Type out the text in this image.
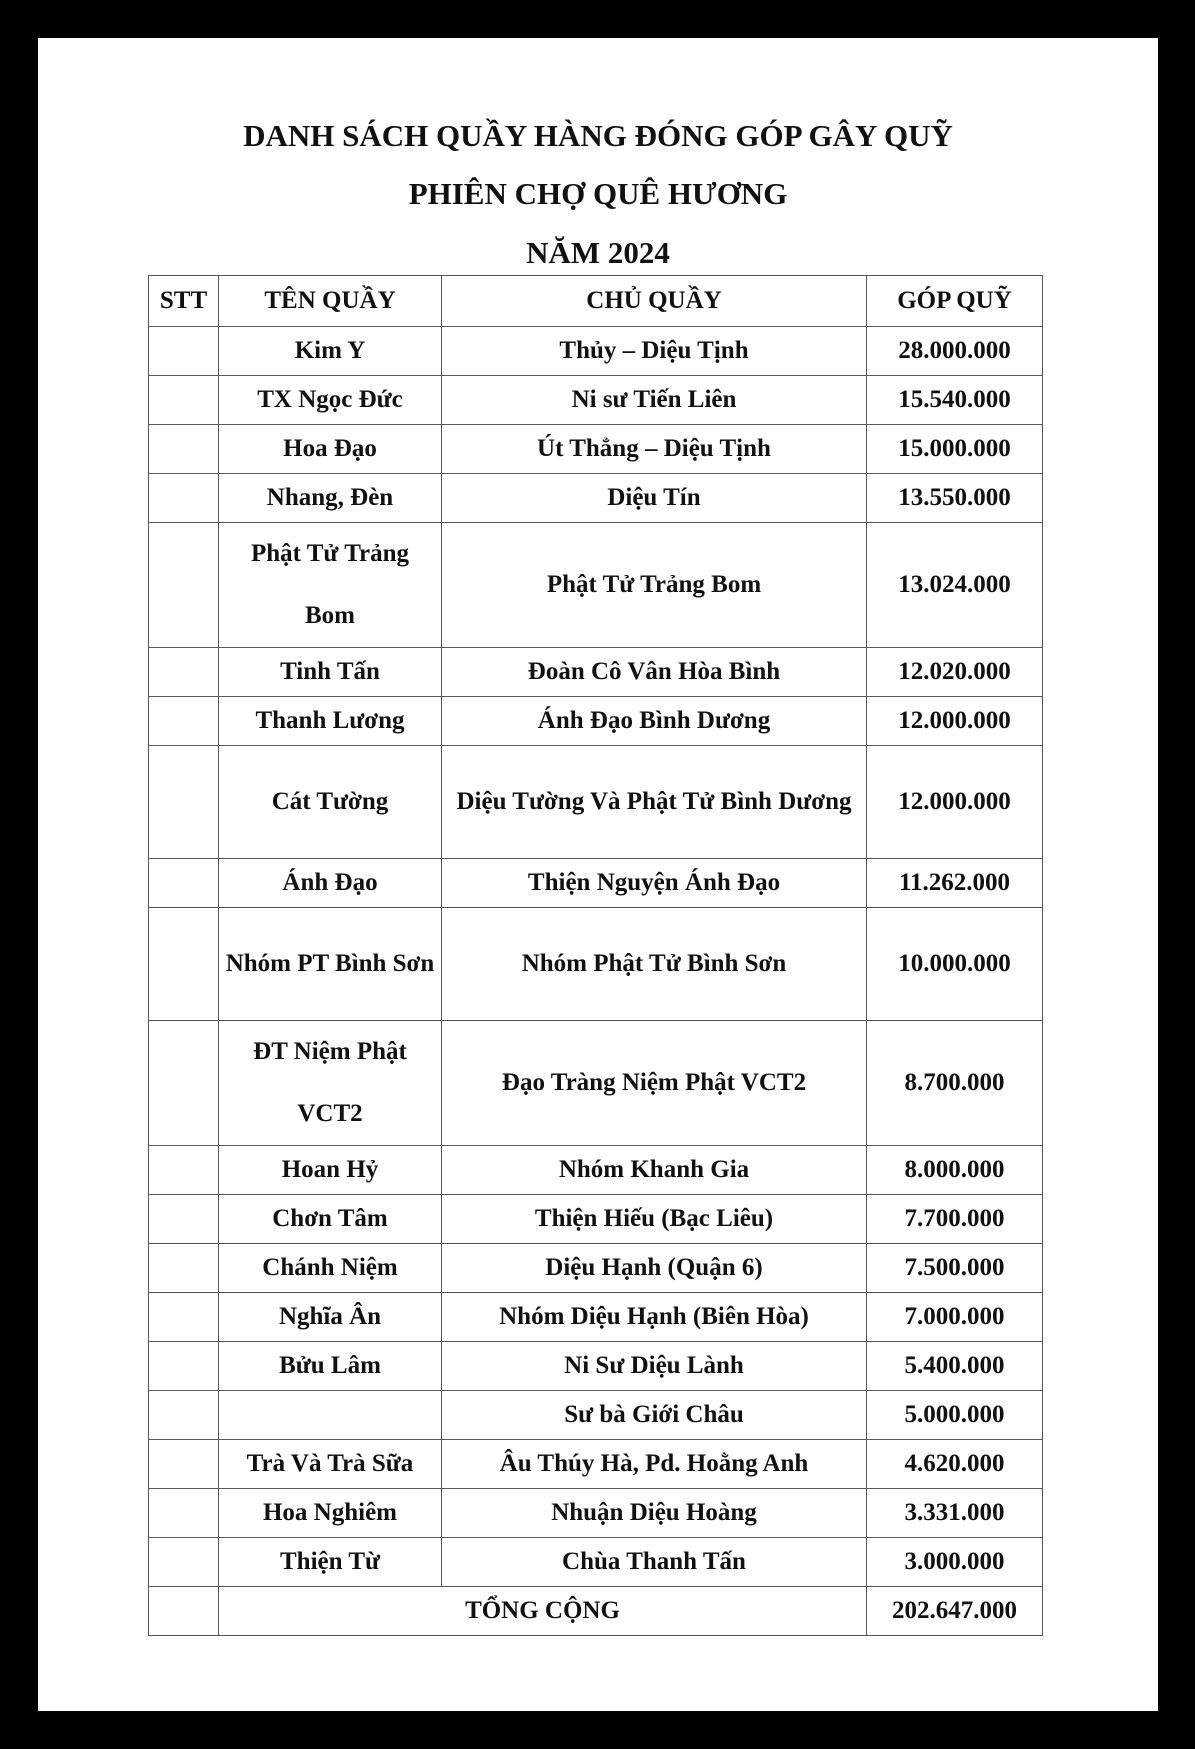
DANH SÁCH QUẦY HÀNG ĐÓNG GÓP GÂY QUỸ
PHIÊN CHỢ QUÊ HƯƠNG
NĂM 2024
STT	TÊN QUẦY	CHỦ QUẦY	GÓP QUỸ
	Kim Y	Thủy – Diệu Tịnh	28.000.000
	TX Ngọc Đức	Ni sư Tiến Liên	15.540.000
	Hoa Đạo	Út Thẳng – Diệu Tịnh	15.000.000
	Nhang, Đèn	Diệu Tín	13.550.000

	Phật Tử Trảng Bom	Phật Tử Trảng Bom	13.024.000
	Tinh Tấn	Đoàn Cô Vân Hòa Bình	12.020.000
	Thanh Lương	Ánh Đạo Bình Dương	12.000.000
	Cát Tường	Diệu Tường Và Phật Tử Bình Dương	12.000.000
	Ánh Đạo	Thiện Nguyện Ánh Đạo	11.262.000

	Nhóm PT Bình Sơn	Nhóm Phật Tử Bình Sơn	10.000.000

	ĐT Niệm Phật VCT2	Đạo Tràng Niệm Phật VCT2	8.700.000
	Hoan Hỷ	Nhóm Khanh Gia	8.000.000
	Chơn Tâm	Thiện Hiếu (Bạc Liêu)	7.700.000
	Chánh Niệm	Diệu Hạnh (Quận 6)	7.500.000
	Nghĩa Ân	Nhóm Diệu Hạnh (Biên Hòa)	7.000.000
	Bửu Lâm	Ni Sư Diệu Lành	5.400.000
		Sư bà Giới Châu	5.000.000
	Trà Và Trà Sữa	Âu Thúy Hà, Pd. Hoằng Anh	4.620.000
	Hoa Nghiêm	Nhuận Diệu Hoàng	3.331.000
	Thiện Từ	Chùa Thanh Tấn	3.000.000
	TỔNG CỘNG		202.647.000
